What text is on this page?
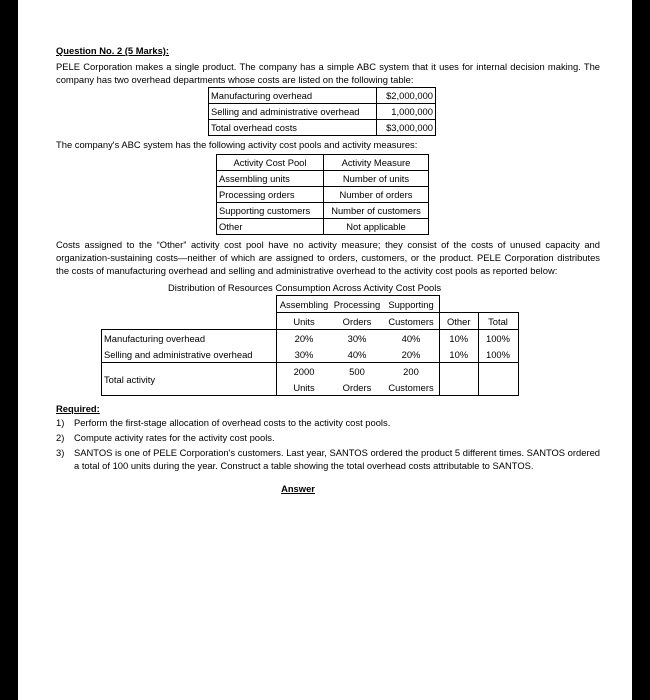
Question No. 2 (5 Marks):

PELE Corporation makes a single product. The company has a simple ABC system that it uses for internal decision making. The company has two overhead departments whose costs are listed on the following table:

Manufacturing overhead	$2,000,000
Selling and administrative overhead	1,000,000
Total overhead costs	$3,000,000

The company's ABC system has the following activity cost pools and activity measures:

Activity Cost Pool	Activity Measure
Assembling units	Number of units
Processing orders	Number of orders
Supporting customers	Number of customers
Other	Not applicable

Costs assigned to the “Other” activity cost pool have no activity measure; they consist of the costs of unused capacity and organization-sustaining costs—neither of which are assigned to orders, customers, or the product. PELE Corporation distributes the costs of manufacturing overhead and selling and administrative overhead to the activity cost pools as reported below:

Distribution of Resources Consumption Across Activity Cost Pools
	Assembling	Processing	Supporting		
	Units	Orders	Customers	Other	Total
Manufacturing overhead	20%	30%	40%	10%	100%
Selling and administrative overhead	30%	40%	20%	10%	100%
Total activity	2000	500	200		
	Units	Orders	Customers		

Required:
1) Perform the first-stage allocation of overhead costs to the activity cost pools.
2) Compute activity rates for the activity cost pools.
3) SANTOS is one of PELE Corporation's customers. Last year, SANTOS ordered the product 5 different times. SANTOS ordered a total of 100 units during the year. Construct a table showing the total overhead costs attributable to SANTOS.
Answer
